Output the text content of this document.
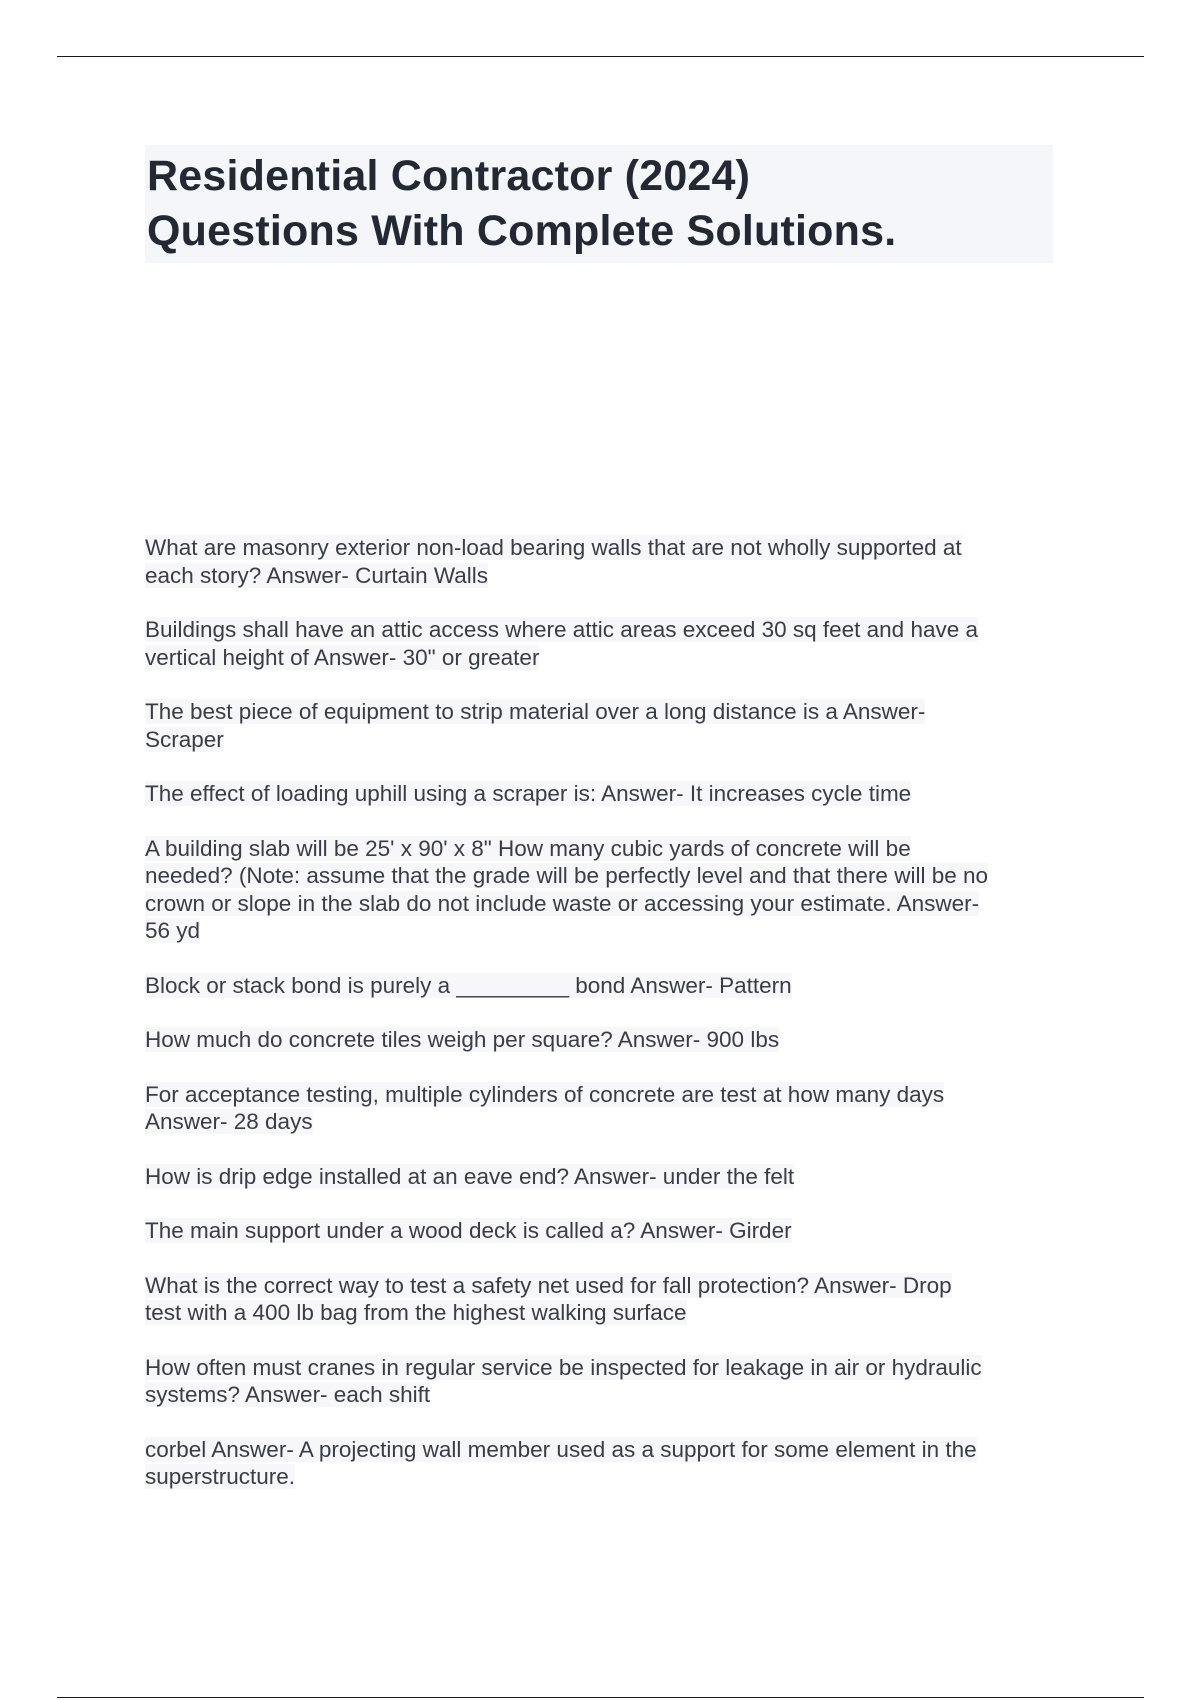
Residential Contractor (2024)
Questions With Complete Solutions.
What are masonry exterior non-load bearing walls that are not wholly supported at
each story? Answer- Curtain Walls
Buildings shall have an attic access where attic areas exceed 30 sq feet and have a
vertical height of Answer- 30" or greater
The best piece of equipment to strip material over a long distance is a Answer-
Scraper
The effect of loading uphill using a scraper is: Answer- It increases cycle time
A building slab will be 25' x 90' x 8" How many cubic yards of concrete will be
needed? (Note: assume that the grade will be perfectly level and that there will be no
crown or slope in the slab do not include waste or accessing your estimate. Answer-
56 yd
Block or stack bond is purely a _________ bond Answer- Pattern
How much do concrete tiles weigh per square? Answer- 900 lbs
For acceptance testing, multiple cylinders of concrete are test at how many days
Answer- 28 days
How is drip edge installed at an eave end? Answer- under the felt
The main support under a wood deck is called a? Answer- Girder
What is the correct way to test a safety net used for fall protection? Answer- Drop
test with a 400 lb bag from the highest walking surface
How often must cranes in regular service be inspected for leakage in air or hydraulic
systems? Answer- each shift
corbel Answer- A projecting wall member used as a support for some element in the
superstructure.
